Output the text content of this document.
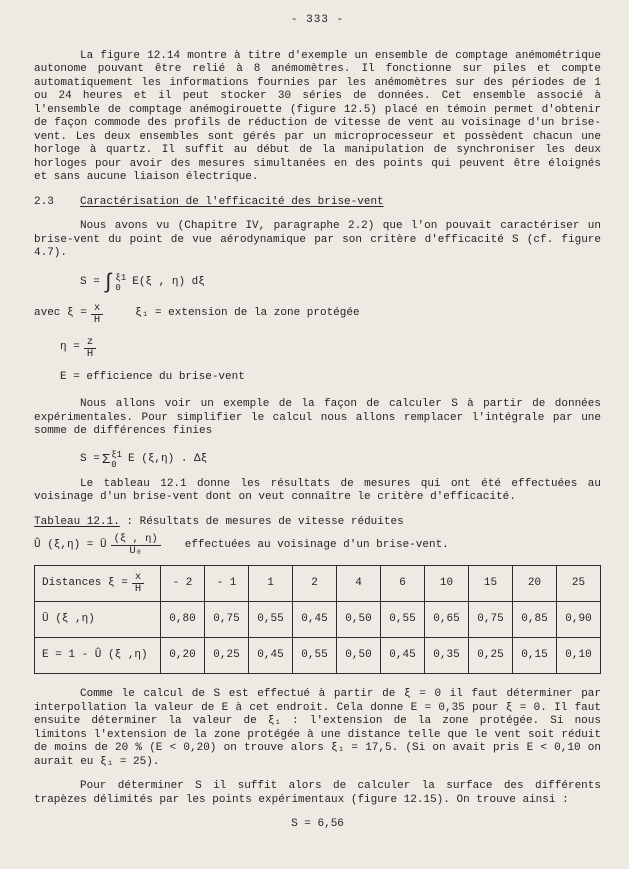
- 333 -

La figure 12.14 montre à titre d'exemple un ensemble de comptage anémométrique autonome pouvant être relié à 8 anémomètres. Il fonctionne sur piles et compte automatiquement les informations fournies par les anémomètres sur des périodes de 1 ou 24 heures et il peut stocker 30 séries de données. Cet ensemble associé à l'ensemble de comptage anémogirouette (figure 12.5) placé en témoin permet d'obtenir de façon commode des profils de réduction de vitesse de vent au voisinage d'un brise-vent. Les deux ensembles sont gérés par un microprocesseur et possèdent chacun une horloge à quartz. Il suffit au début de la manipulation de synchroniser les deux horloges pour avoir des mesures simultanées en des points qui peuvent être éloignés et sans aucune liaison électrique.

2.3	Caractérisation de l'efficacité des brise-vent

Nous avons vu (Chapitre IV, paragraphe 2.2) que l'on pouvait caractériser un brise-vent du point de vue aérodynamique par son critère d'efficacité S (cf. figure 4.7).

S = ∫ ξ1
0	E(ξ , η) dξ
avec
$\xi = \frac{x}{H}$	ξ₁ = extension de la zone protégée
$\eta = \frac{z}{H}$
E = efficience du brise-vent

Nous allons voir un exemple de la façon de calculer S à partir de données expérimentales. Pour simplifier le calcul nous allons remplacer l'intégrale par une somme de différences finies

S = Σ ξ1
0	E (ξ,η) . Δξ

Le tableau 12.1 donne les résultats de mesures qui ont été effectuées au voisinage d'un brise-vent dont on veut connaître le critère d'efficacité.

Tableau 12.1. : Résultats de mesures de vitesse réduites
Û (ξ,η) = Ū $\frac{(\xi , \eta)}{\text{Ū₀}}$ effectuées au voisinage d'un brise-vent.
Distances $\xi = \frac{x}{H}$	- 2	- 1	1	2	4	6	10	15	20	25
Ū (ξ ,η)	0,80	0,75	0,55	0,45	0,50	0,55	0,65	0,75	0,85	0,90
E = 1 - Û (ξ ,η)	0,20	0,25	0,45	0,55	0,50	0,45	0,35	0,25	0,15	0,10

Comme le calcul de S est effectué à partir de ξ = 0 il faut déterminer par interpollation la valeur de E à cet endroit. Cela donne E = 0,35 pour ξ = 0. Il faut ensuite déterminer la valeur de ξ₁ : l'extension de la zone protégée. Si nous limitons l'extension de la zone protégée à une distance telle que le vent soit réduit de moins de 20 % (E < 0,20) on trouve alors ξ₁ = 17,5. (Si on avait pris E < 0,10 on aurait eu ξ₁ = 25).

Pour déterminer S il suffit alors de calculer la surface des différents trapèzes délimités par les points expérimentaux (figure 12.15). On trouve ainsi :

S = 6,56
